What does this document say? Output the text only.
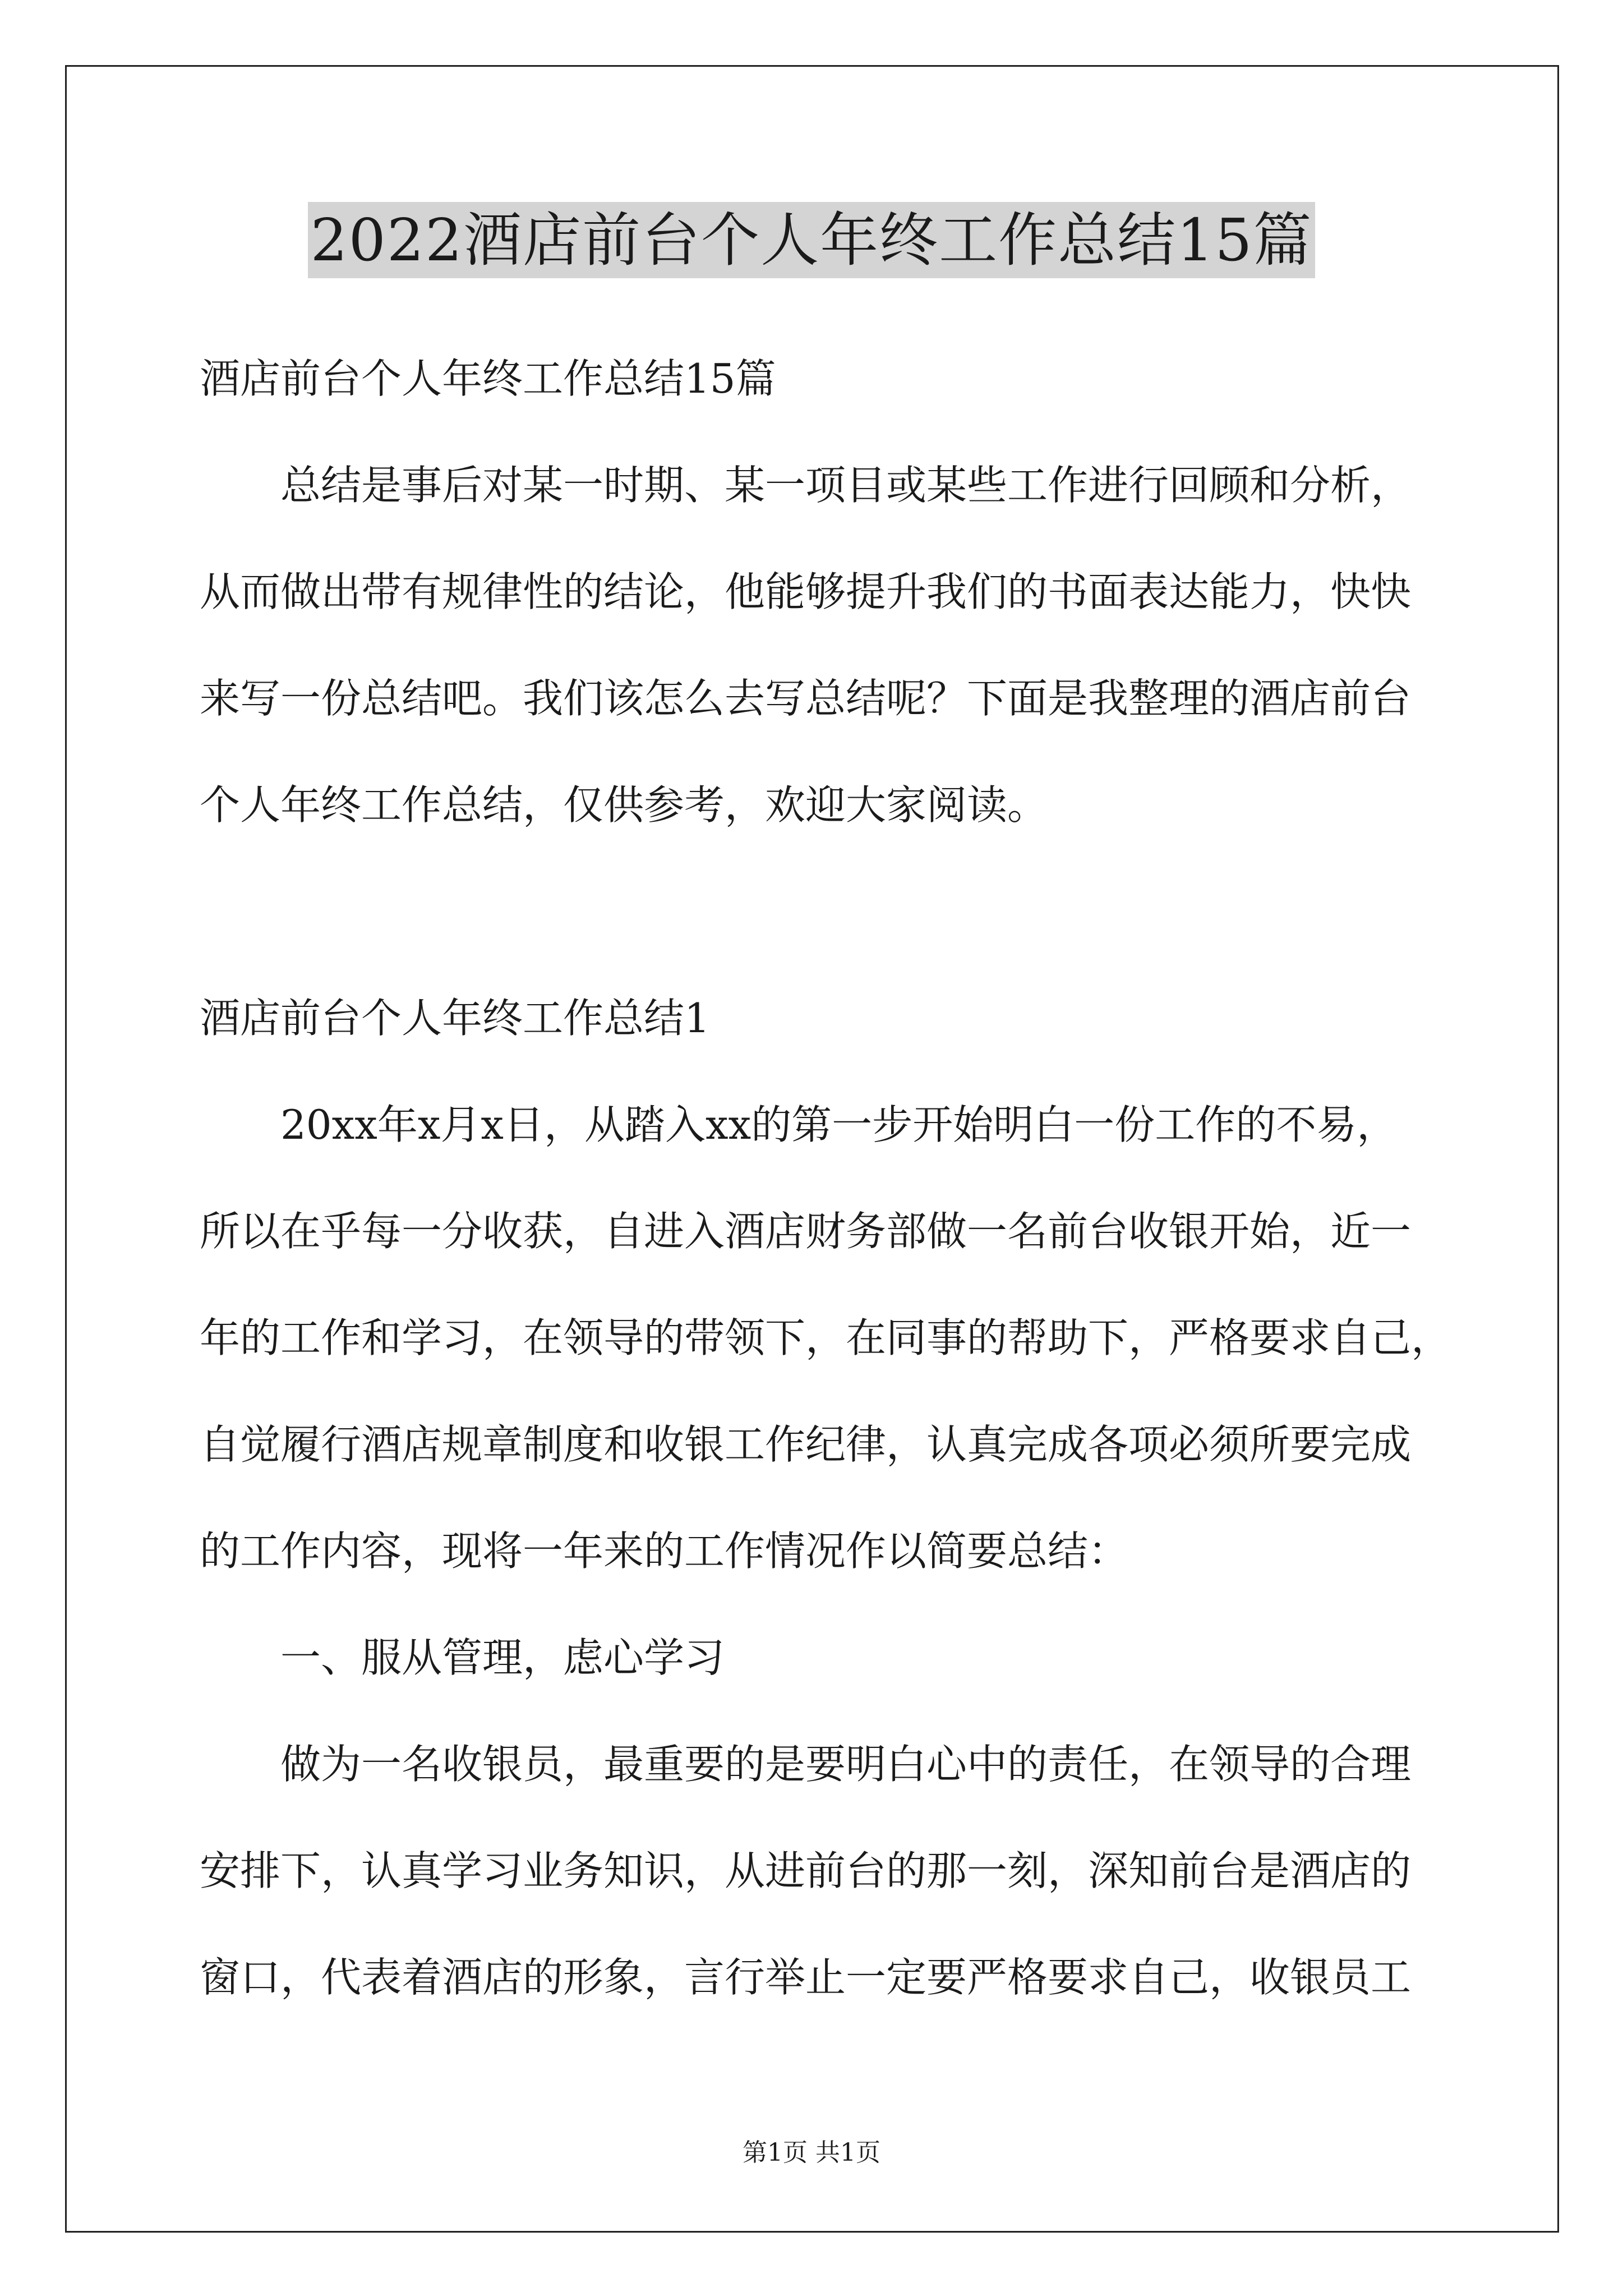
2022酒店前台个人年终工作总结15篇

酒店前台个人年终工作总结15篇

总结是事后对某一时期、某一项目或某些工作进行回顾和分析，

从而做出带有规律性的结论，他能够提升我们的书面表达能力，快快

来写一份总结吧。我们该怎么去写总结呢？下面是我整理的酒店前台

个人年终工作总结，仅供参考，欢迎大家阅读。

酒店前台个人年终工作总结1

20xx年x月x日，从踏入xx的第一步开始明白一份工作的不易，

所以在乎每一分收获，自进入酒店财务部做一名前台收银开始，近一

年的工作和学习，在领导的带领下，在同事的帮助下，严格要求自己，

自觉履行酒店规章制度和收银工作纪律，认真完成各项必须所要完成

的工作内容，现将一年来的工作情况作以简要总结：

一、服从管理，虑心学习

做为一名收银员，最重要的是要明白心中的责任，在领导的合理

安排下，认真学习业务知识，从进前台的那一刻，深知前台是酒店的

窗口，代表着酒店的形象，言行举止一定要严格要求自己，收银员工

第1页 共1页
